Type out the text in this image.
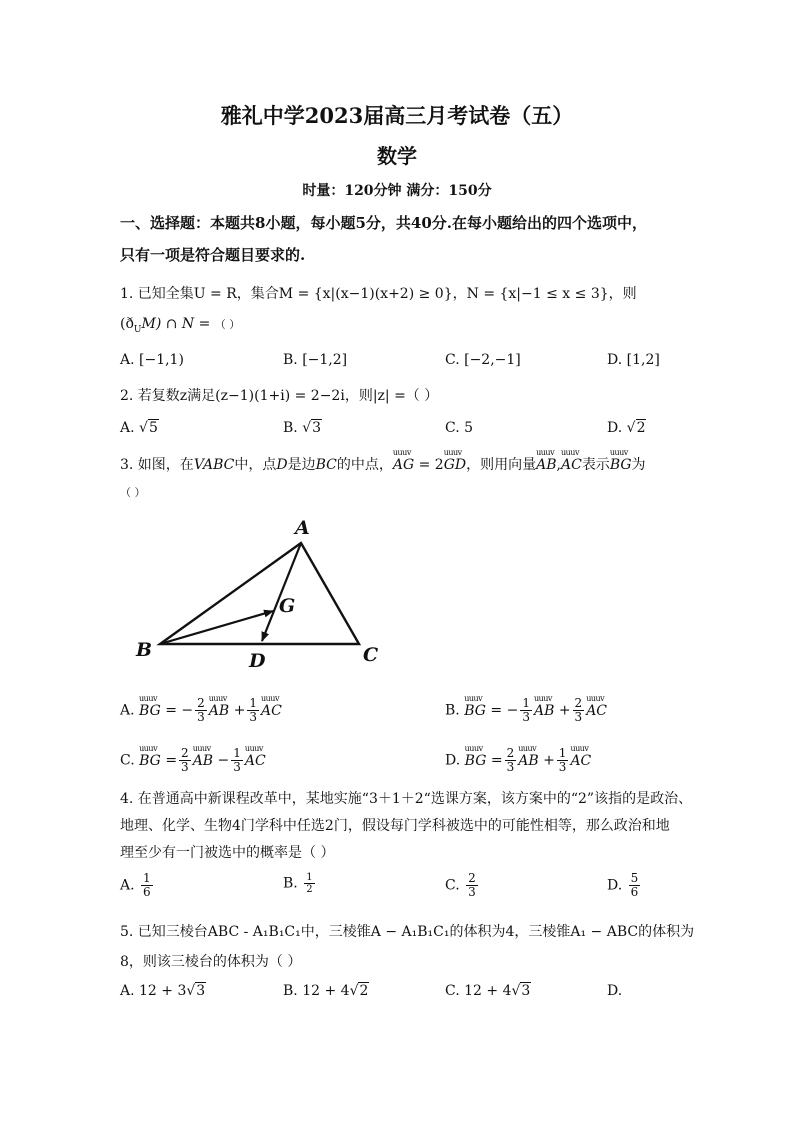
雅礼中学2023届高三月考试卷（五）
数学
时量：120分钟 满分：150分
一、选择题：本题共8小题，每小题5分，共40分.在每小题给出的四个选项中，
只有一项是符合题目要求的.
1. 已知全集U = R，集合M = {x|(x−1)(x+2) ≥ 0}，N = {x|−1 ≤ x ≤ 3}，则
$(ð_UM)$ ∩ N = （ ）
A. [−1,1)	B. [−1,2]	C. [−2,−1]	D. [1,2]
2. 若复数z满足(z−1)(1+i) = 2−2i，则|z| =（ ）
A. √5	B. √3	C. 5	D. √2
3. 如图，在VABC中，点D是边BC的中点，uuuv AG = 2uuuv GD，则用向量uuuv AB,uuuv AC表示uuuv BG为
（ ）
A
B	C
D
G
A. uuuv BG = − $\frac{2}{3}$ uuuv AB + $\frac{1}{3}$ uuuv AC	B. uuuv BG = − $\frac{1}{3}$ uuuv AB + $\frac{2}{3}$ uuuv AC
C. uuuv BG = $\frac{2}{3}$ uuuv AB − $\frac{1}{3}$ uuuv AC	D. uuuv BG = $\frac{2}{3}$ uuuv AB + $\frac{1}{3}$ uuuv AC
4. 在普通高中新课程改革中，某地实施“3＋1＋2“选课方案，该方案中的“2”该指的是政治、
地理、化学、生物4门学科中任选2门，假设每门学科被选中的可能性相等，那么政治和地
理至少有一门被选中的概率是（ ）
A. $\frac{1}{6}$	B. $\frac{1}{2}$	C. $\frac{2}{3}$	D. $\frac{5}{6}$
5. 已知三棱台ABC - A₁B₁C₁中，三棱锥A − A₁B₁C₁的体积为4，三棱锥A₁ − ABC的体积为
8，则该三棱台的体积为（ ）
A. 12 + 3√3	B. 12 + 4√2	C. 12 + 4√3	D.
